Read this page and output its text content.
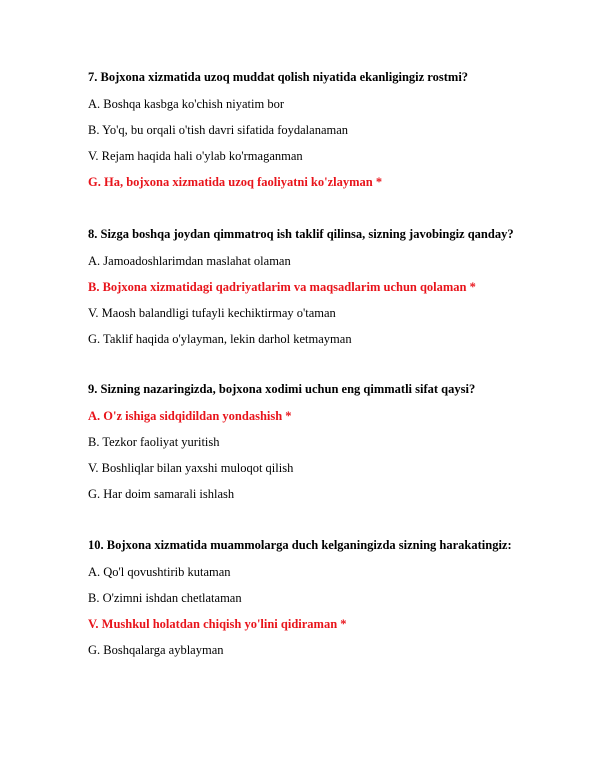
7. Bojxona xizmatida uzoq muddat qolish niyatida ekanligingiz rostmi?

A. Boshqa kasbga ko'chish niyatim bor

B. Yo'q, bu orqali o'tish davri sifatida foydalanaman

V. Rejam haqida hali o'ylab ko'rmaganman

G. Ha, bojxona xizmatida uzoq faoliyatni ko'zlayman *

8. Sizga boshqa joydan qimmatroq ish taklif qilinsa, sizning javobingiz qanday?

A. Jamoadoshlarimdan maslahat olaman

B. Bojxona xizmatidagi qadriyatlarim va maqsadlarim uchun qolaman *

V. Maosh balandligi tufayli kechiktirmay o'taman

G. Taklif haqida o'ylayman, lekin darhol ketmayman

9. Sizning nazaringizda, bojxona xodimi uchun eng qimmatli sifat qaysi?

A. O'z ishiga sidqidildan yondashish *

B. Tezkor faoliyat yuritish

V. Boshliqlar bilan yaxshi muloqot qilish

G. Har doim samarali ishlash

10. Bojxona xizmatida muammolarga duch kelganingizda sizning harakatingiz:

A. Qo'l qovushtirib kutaman

B. O'zimni ishdan chetlataman

V. Mushkul holatdan chiqish yo'lini qidiraman *

G. Boshqalarga ayblayman
